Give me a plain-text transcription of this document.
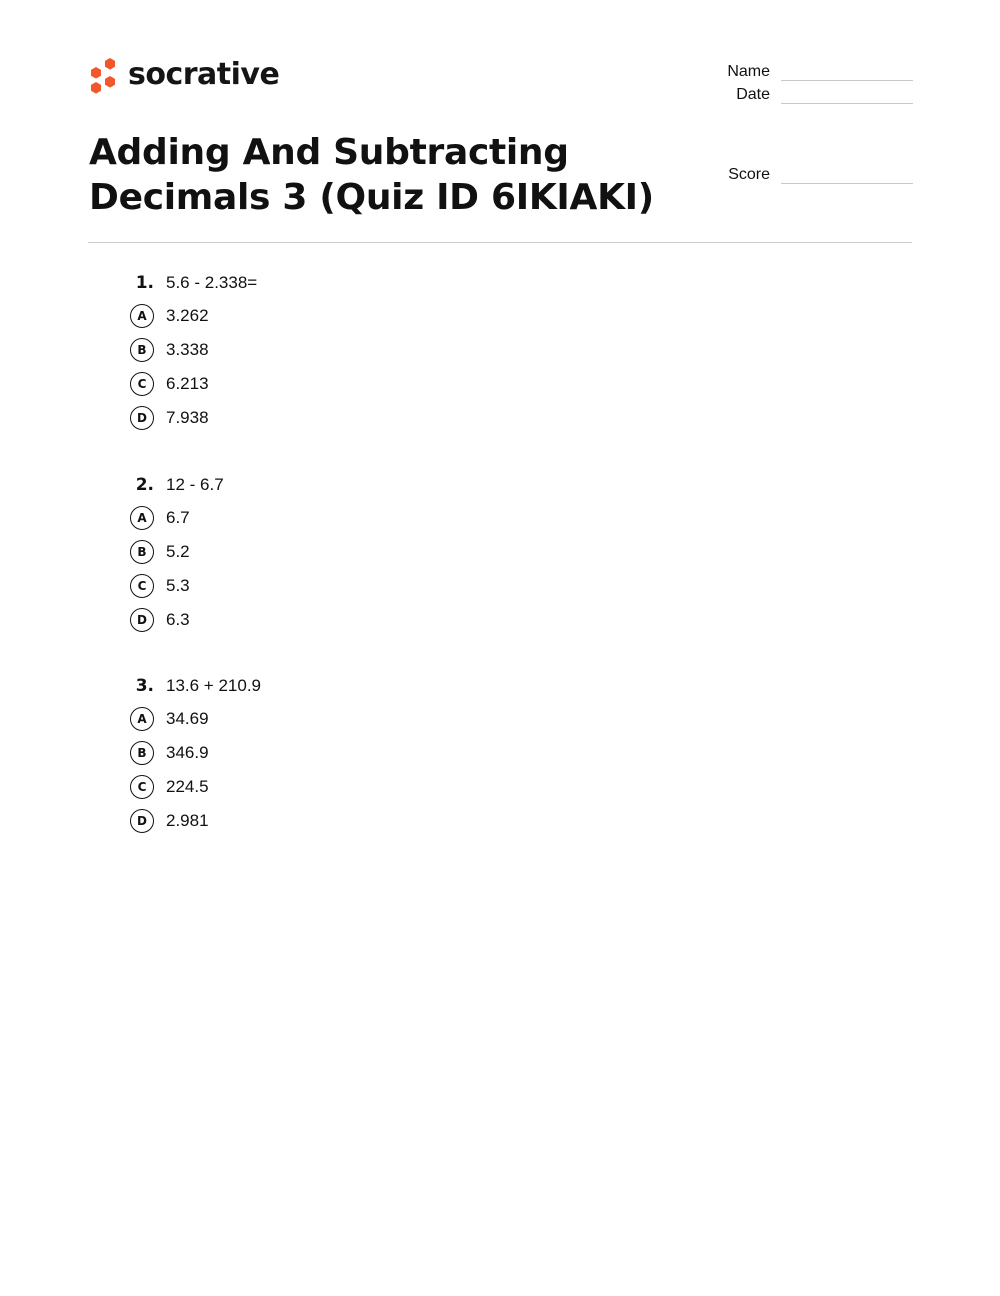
socrative
Adding And Subtracting Decimals 3 (Quiz ID 6IKIAKI)
Name
Date
Score
1. 5.6 - 2.338=
A	3.262
B	3.338
C	6.213
D	7.938
2. 12 - 6.7
A	6.7
B	5.2
C	5.3
D	6.3
3. 13.6 + 210.9
A	34.69
B	346.9
C	224.5
D	2.981
